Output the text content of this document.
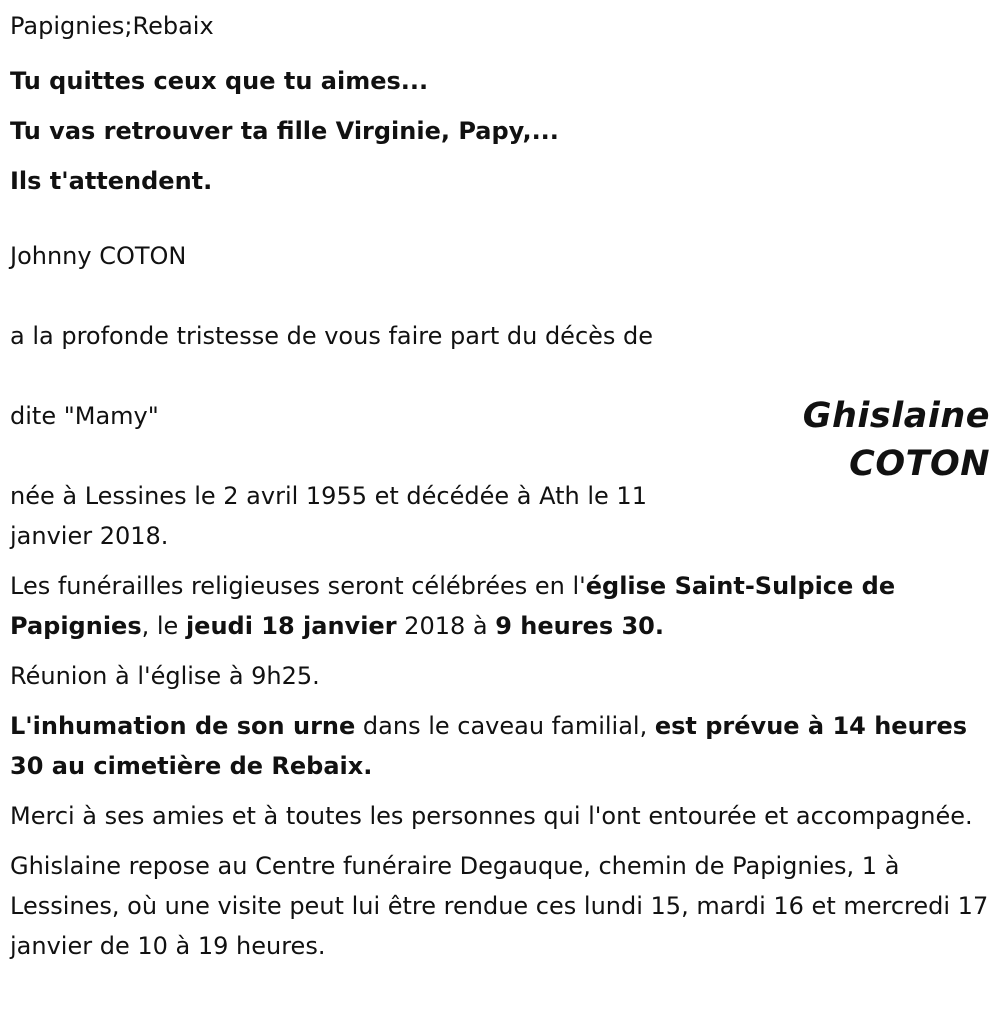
Papignies;Rebaix

Tu quittes ceux que tu aimes...

Tu vas retrouver ta fille Virginie, Papy,...

Ils t'attendent.

Johnny COTON

a la profonde tristesse de vous faire part du décès de

dite "Mamy"

née à Lessines le 2 avril 1955 et décédée à Ath le 11 janvier 2018.

Les funérailles religieuses seront célébrées en l'église Saint-Sulpice de Papignies, le jeudi 18 janvier 2018 à 9 heures 30.

Réunion à l'église à 9h25.

L'inhumation de son urne dans le caveau familial, est prévue à 14 heures 30 au cimetière de Rebaix.

Merci à ses amies et à toutes les personnes qui l'ont entourée et accompagnée.

Ghislaine repose au Centre funéraire Degauque, chemin de Papignies, 1 à Lessines, où une visite peut lui être rendue ces lundi 15, mardi 16 et mercredi 17 janvier de 10 à 19 heures.

Ghislaine
COTON
